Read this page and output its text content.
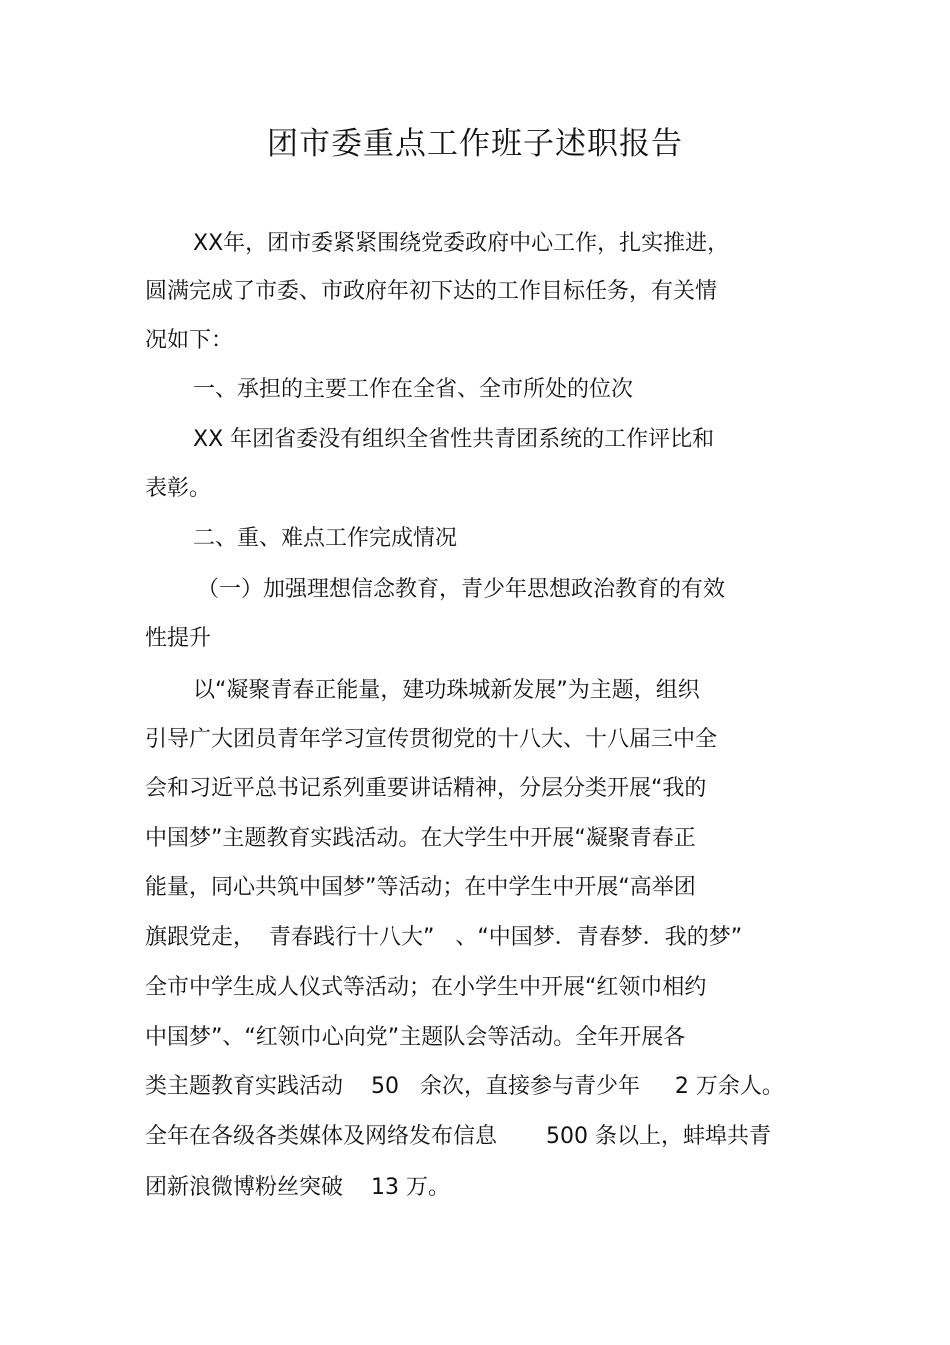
团市委重点工作班子述职报告
XX年，团市委紧紧围绕党委政府中心工作，扎实推进，
圆满完成了市委、市政府年初下达的工作目标任务，有关情
况如下：
一、承担的主要工作在全省、全市所处的位次
XX 年团省委没有组织全省性共青团系统的工作评比和
表彰。
二、重、难点工作完成情况
（一）加强理想信念教育，青少年思想政治教育的有效
性提升
以“凝聚青春正能量，建功珠城新发展”为主题，组织
引导广大团员青年学习宣传贯彻党的十八大、十八届三中全
会和习近平总书记系列重要讲话精神，分层分类开展“我的
中国梦”主题教育实践活动。在大学生中开展“凝聚青春正
能量，同心共筑中国梦”等活动；在中学生中开展“高举团
旗跟党走，  青春践行十八大”   、“中国梦．青春梦．我的梦”
全市中学生成人仪式等活动；在小学生中开展“红领巾相约
中国梦”、“红领巾心向党”主题队会等活动。全年开展各
类主题教育实践活动    50   余次，直接参与青少年     2 万余人。
全年在各级各类媒体及网络发布信息       500 条以上，蚌埠共青
团新浪微博粉丝突破    13 万。
